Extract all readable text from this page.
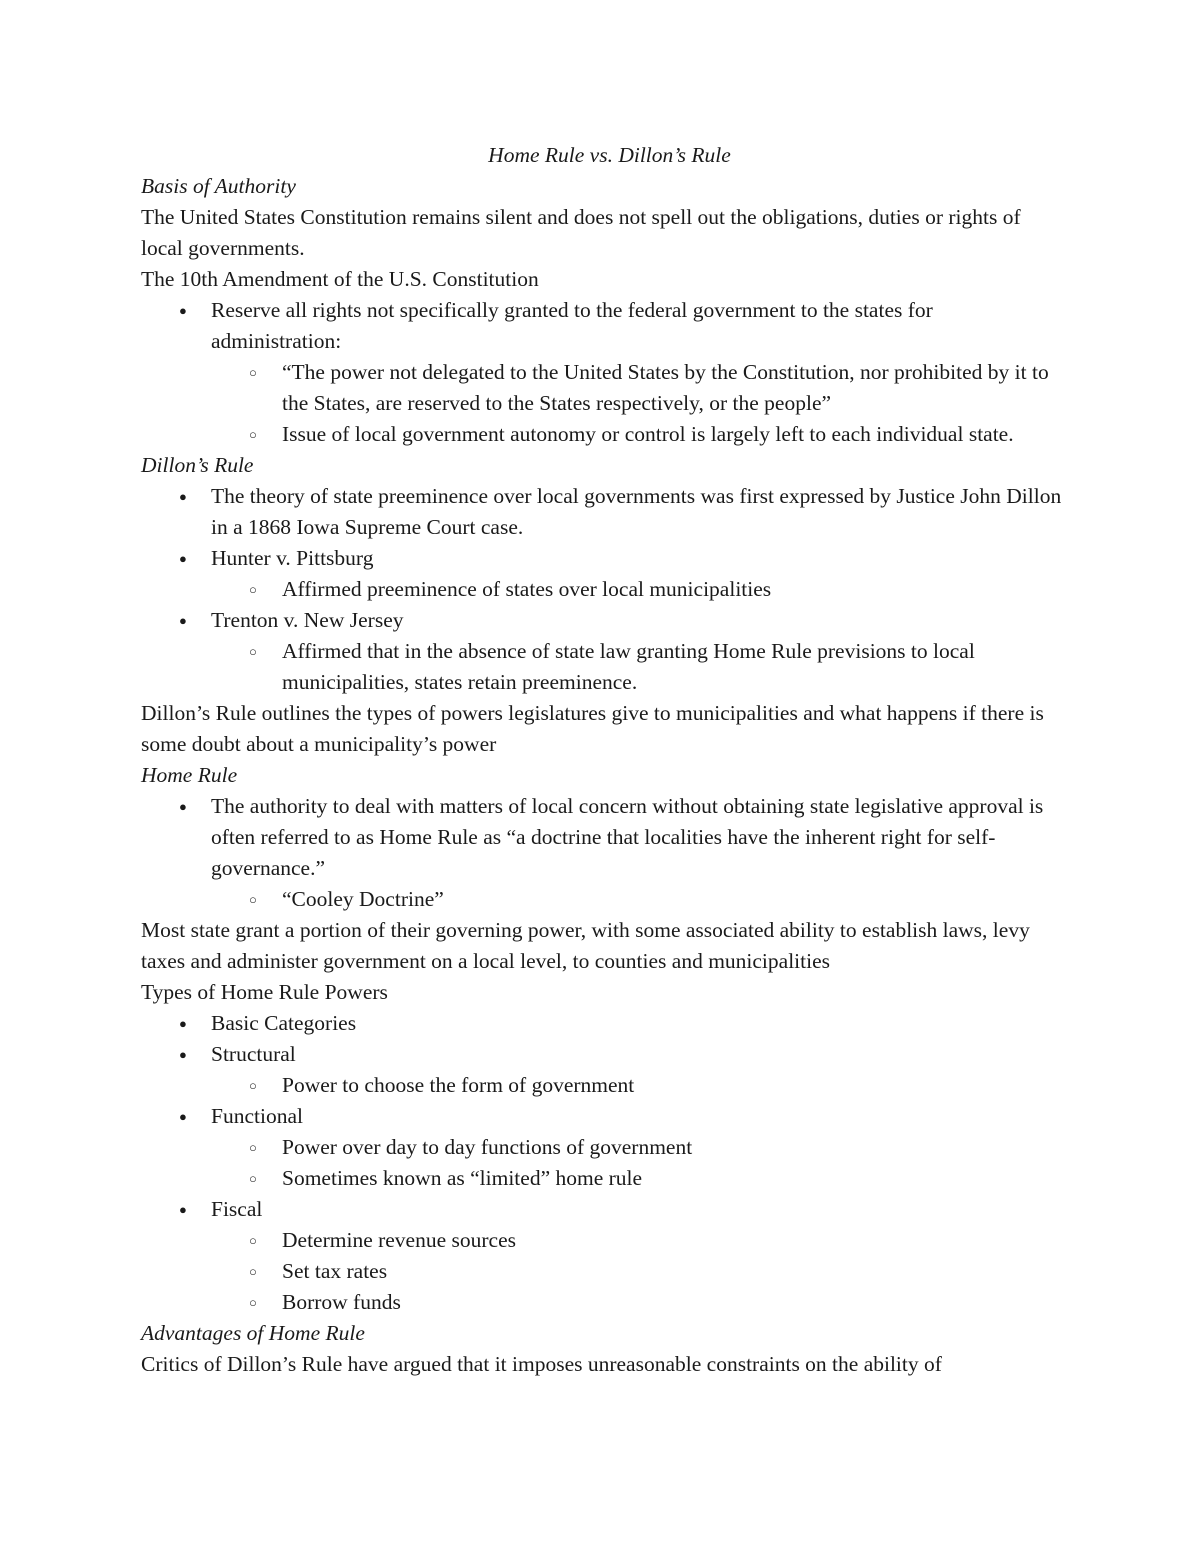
Home Rule vs. Dillon’s Rule

Basis of Authority

The United States Constitution remains silent and does not spell out the obligations, duties or rights of local governments.

The 10th Amendment of the U.S. Constitution

● Reserve all rights not specifically granted to the federal government to the states for administration:
○ “The power not delegated to the United States by the Constitution, nor prohibited by it to the States, are reserved to the States respectively, or the people”
○ Issue of local government autonomy or control is largely left to each individual state.

Dillon’s Rule

● The theory of state preeminence over local governments was first expressed by Justice John Dillon in a 1868 Iowa Supreme Court case.
● Hunter v. Pittsburg
○ Affirmed preeminence of states over local municipalities
● Trenton v. New Jersey
○ Affirmed that in the absence of state law granting Home Rule previsions to local municipalities, states retain preeminence.

Dillon’s Rule outlines the types of powers legislatures give to municipalities and what happens if there is some doubt about a municipality’s power

Home Rule

● The authority to deal with matters of local concern without obtaining state legislative approval is often referred to as Home Rule as “a doctrine that localities have the inherent right for self-governance.”
○ “Cooley Doctrine”

Most state grant a portion of their governing power, with some associated ability to establish laws, levy taxes and administer government on a local level, to counties and municipalities

Types of Home Rule Powers

● Basic Categories
● Structural
○ Power to choose the form of government
● Functional
○ Power over day to day functions of government
○ Sometimes known as “limited” home rule
● Fiscal
○ Determine revenue sources
○ Set tax rates
○ Borrow funds

Advantages of Home Rule

Critics of Dillon’s Rule have argued that it imposes unreasonable constraints on the ability of
